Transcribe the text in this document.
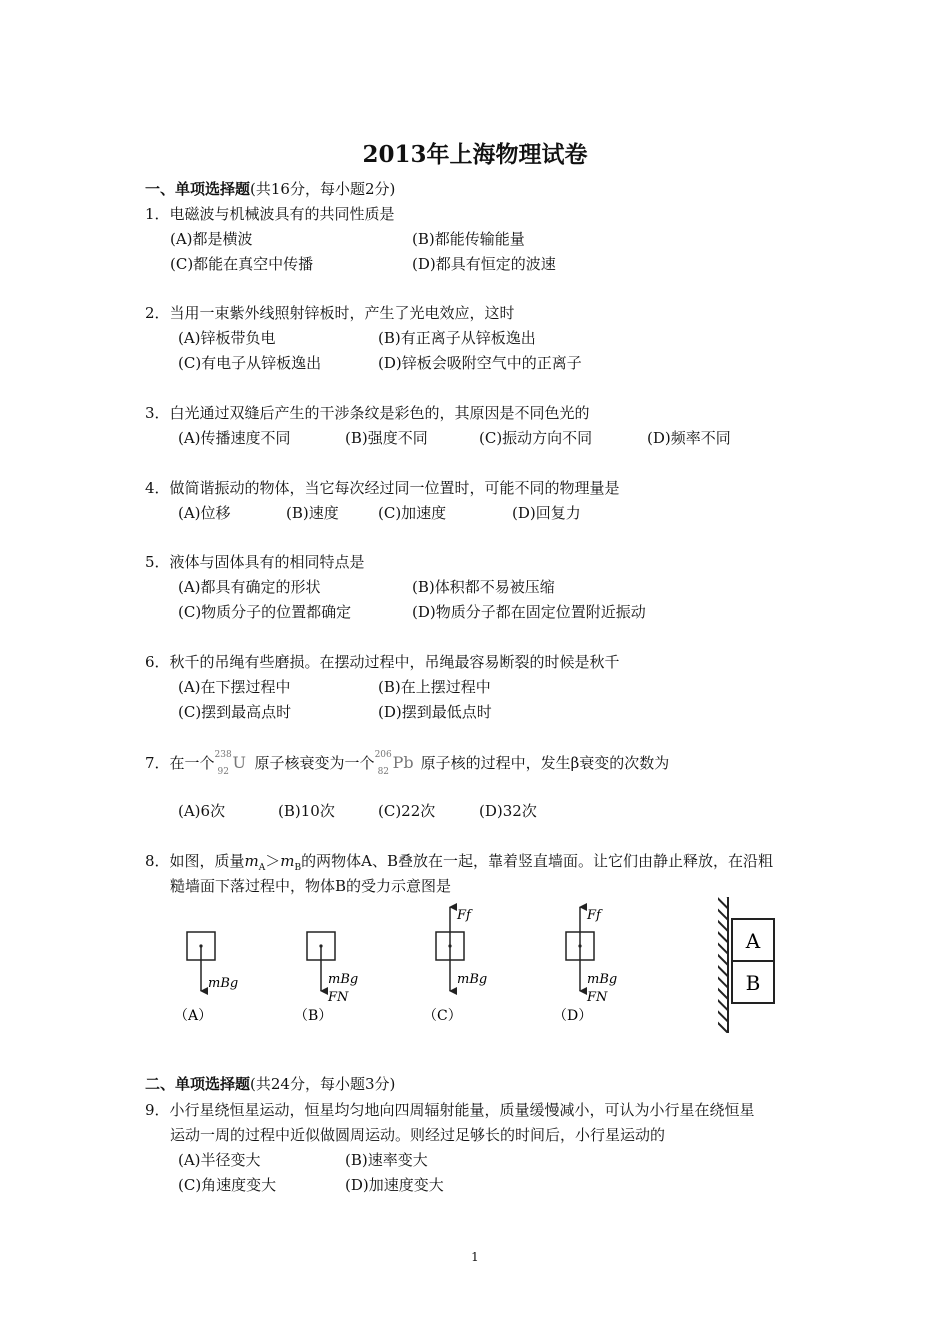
2013年上海物理试卷
一、单项选择题(共16分，每小题2分)
1．电磁波与机械波具有的共同性质是
(A)都是横波	(B)都能传输能量
(C)都能在真空中传播	(D)都具有恒定的波速
2．当用一束紫外线照射锌板时，产生了光电效应，这时
(A)锌板带负电	(B)有正离子从锌板逸出
(C)有电子从锌板逸出	(D)锌板会吸附空气中的正离子
3．白光通过双缝后产生的干涉条纹是彩色的，其原因是不同色光的
(A)传播速度不同	(B)强度不同	(C)振动方向不同	(D)频率不同
4．做简谐振动的物体，当它每次经过同一位置时，可能不同的物理量是
(A)位移	(B)速度	(C)加速度	(D)回复力
5．液体与固体具有的相同特点是
(A)都具有确定的形状	(B)体积都不易被压缩
(C)物质分子的位置都确定	(D)物质分子都在固定位置附近振动
6．秋千的吊绳有些磨损。在摆动过程中，吊绳最容易断裂的时候是秋千
(A)在下摆过程中	(B)在上摆过程中
(C)摆到最高点时	(D)摆到最低点时
7．在一个 238
92 U 原子核衰变为一个 206
82 Pb 原子核的过程中，发生β衰变的次数为
(A)6次	(B)10次	(C)22次	(D)32次
8．如图，质量$m_A>m_B$的两物体A、B叠放在一起，靠着竖直墙面。让它们由静止释放，在沿粗
糙墙面下落过程中，物体B的受力示意图是
mBg
（A）
mBg
FN
（B）
Ff
mBg
（C）
Ff
mBg
FN
（D）
A
B
二、单项选择题(共24分，每小题3分)
9．小行星绕恒星运动，恒星均匀地向四周辐射能量，质量缓慢减小，可认为小行星在绕恒星
运动一周的过程中近似做圆周运动。则经过足够长的时间后，小行星运动的
(A)半径变大	(B)速率变大
(C)角速度变大	(D)加速度变大
1
